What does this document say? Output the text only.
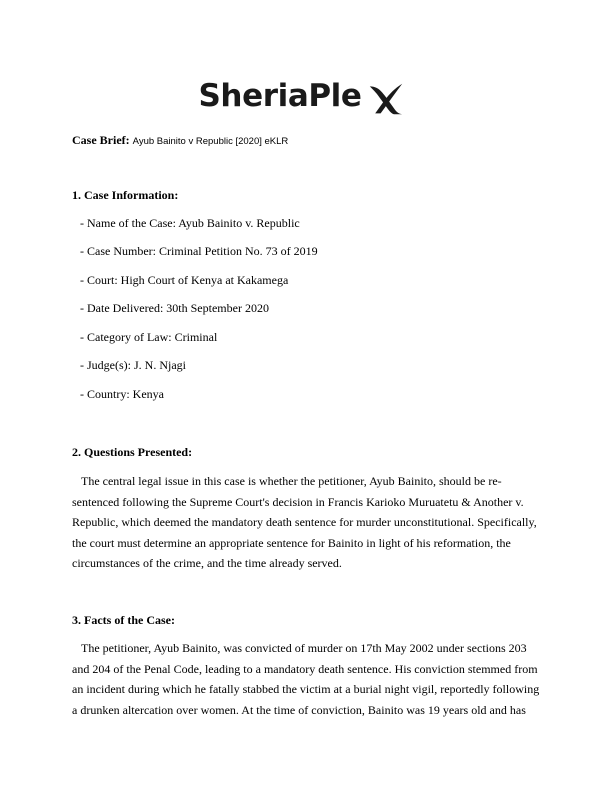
SheriaPle
Case Brief: Ayub Bainito v Republic [2020] eKLR
1. Case Information:
- Name of the Case: Ayub Bainito v. Republic
- Case Number: Criminal Petition No. 73 of 2019
- Court: High Court of Kenya at Kakamega
- Date Delivered: 30th September 2020
- Category of Law: Criminal
- Judge(s): J. N. Njagi
- Country: Kenya
2. Questions Presented:
The central legal issue in this case is whether the petitioner, Ayub Bainito, should be re-
sentenced following the Supreme Court's decision in Francis Karioko Muruatetu & Another v.
Republic, which deemed the mandatory death sentence for murder unconstitutional. Specifically,
the court must determine an appropriate sentence for Bainito in light of his reformation, the
circumstances of the crime, and the time already served.
3. Facts of the Case:
The petitioner, Ayub Bainito, was convicted of murder on 17th May 2002 under sections 203
and 204 of the Penal Code, leading to a mandatory death sentence. His conviction stemmed from
an incident during which he fatally stabbed the victim at a burial night vigil, reportedly following
a drunken altercation over women. At the time of conviction, Bainito was 19 years old and has
